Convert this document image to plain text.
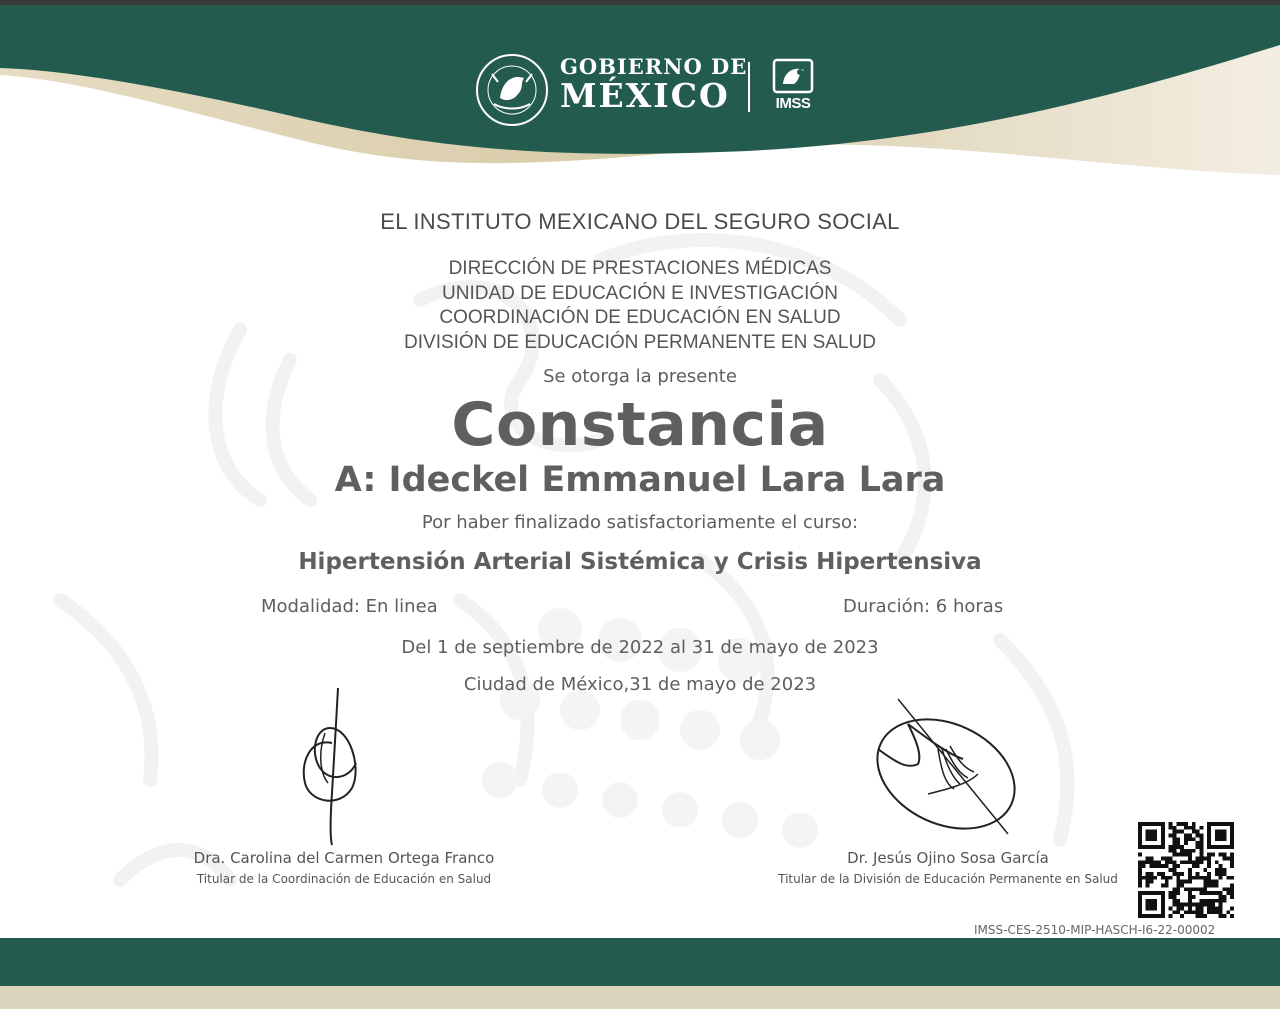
GOBIERNO DE
MÉXICO	IMSS
EL INSTITUTO MEXICANO DEL SEGURO SOCIAL
DIRECCIÓN DE PRESTACIONES MÉDICAS
UNIDAD DE EDUCACIÓN E INVESTIGACIÓN
COORDINACIÓN DE EDUCACIÓN EN SALUD
DIVISIÓN DE EDUCACIÓN PERMANENTE EN SALUD
Se otorga la presente
Constancia
A: Ideckel Emmanuel Lara Lara
Por haber finalizado satisfactoriamente el curso:
Hipertensión Arterial Sistémica y Crisis Hipertensiva
Modalidad: En linea	Duración: 6 horas
Del 1 de septiembre de 2022 al 31 de mayo de 2023
Ciudad de México,31 de mayo de 2023
Dra. Carolina del Carmen Ortega Franco
Titular de la Coordinación de Educación en Salud
Dr. Jesús Ojino Sosa García
Titular de la División de Educación Permanente en Salud
IMSS-CES-2510-MIP-HASCH-I6-22-00002
